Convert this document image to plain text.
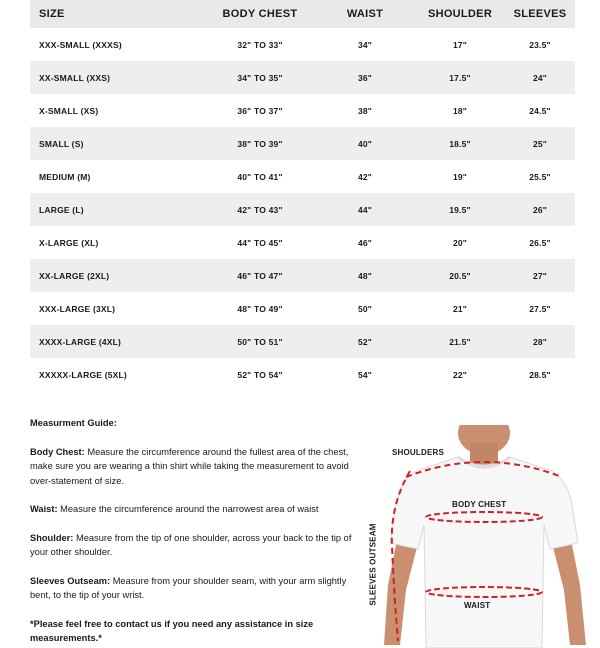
SIZE	BODY CHEST	WAIST	SHOULDER	SLEEVES
XXX-SMALL (XXXS)	32" TO 33"	34"	17"	23.5"
XX-SMALL (XXS)	34" TO 35"	36"	17.5"	24"
X-SMALL (XS)	36" TO 37"	38"	18"	24.5"
SMALL (S)	38" TO 39"	40"	18.5"	25"
MEDIUM (M)	40" TO 41"	42"	19"	25.5"
LARGE (L)	42" TO 43"	44"	19.5"	26"
X-LARGE (XL)	44" TO 45"	46"	20"	26.5"
XX-LARGE (2XL)	46" TO 47"	48"	20.5"	27"
XXX-LARGE (3XL)	48" TO 49"	50"	21"	27.5"
XXXX-LARGE (4XL)	50" TO 51"	52"	21.5"	28"
XXXXX-LARGE (5XL)	52" TO 54"	54"	22"	28.5"
Measurment Guide:

Body Chest: Measure the circumference around the fullest area of the chest, make sure you are wearing a thin shirt while taking the measurement to avoid over-statement of size.

Waist: Measure the circumference around the narrowest area of waist

Shoulder: Measure from the tip of one shoulder, across your back to the tip of your other shoulder.

Sleeves Outseam: Measure from your shoulder seam, with your arm slightly bent, to the tip of your wrist.

*Please feel free to contact us if you need any assistance in size measurements.*
SHOULDERS
BODY CHEST
WAIST
SLEEVES OUTSEAM
